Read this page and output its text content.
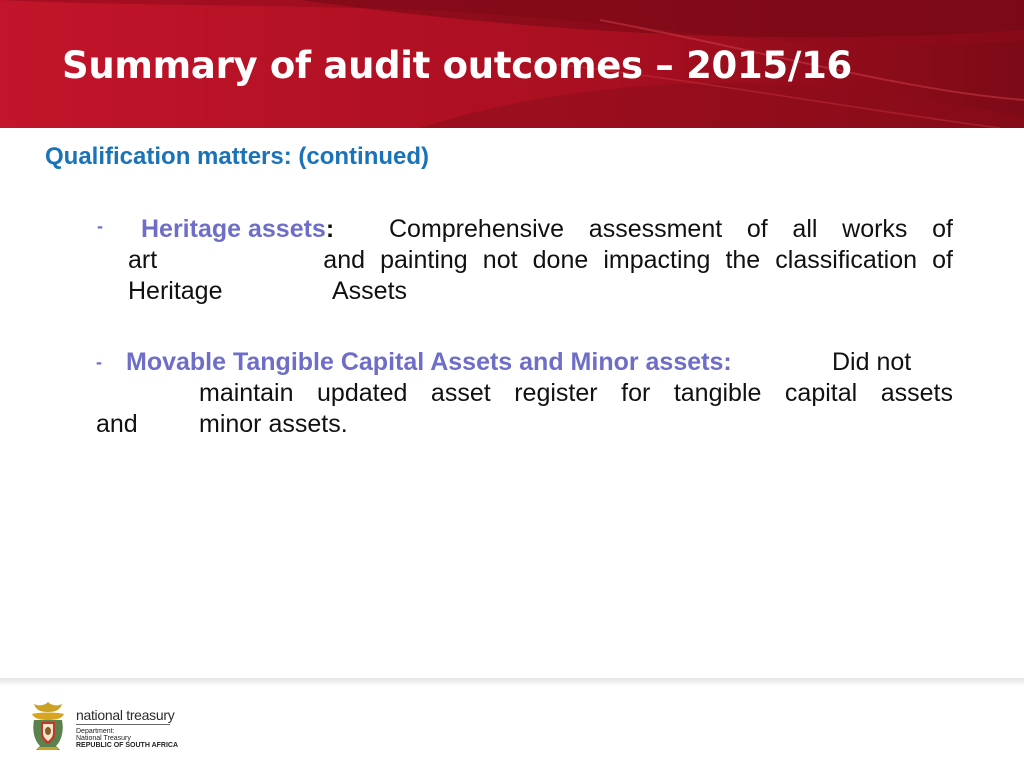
Summary of audit outcomes – 2015/16

Qualification matters: (continued)

- Heritage assets: Comprehensive assessment of all works of
art           and painting not done impacting the classification of
Heritage	Assets
- Movable Tangible Capital Assets and Minor assets:	Did not
maintain updated asset register for tangible capital assets
and minor assets.

national treasury

Department:
National Treasury
REPUBLIC OF SOUTH AFRICA
